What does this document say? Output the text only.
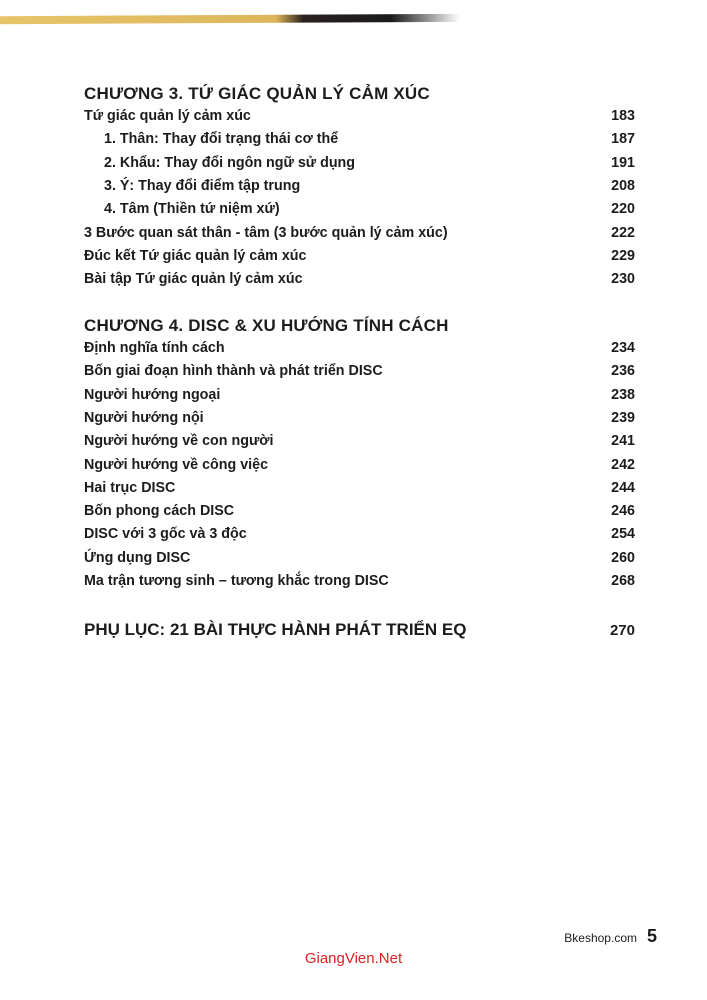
CHƯƠNG 3. TỨ GIÁC QUẢN LÝ CẢM XÚC
Tứ giác quản lý cảm xúc	183
1. Thân: Thay đổi trạng thái cơ thể	187
2. Khẩu: Thay đổi ngôn ngữ sử dụng	191
3. Ý: Thay đổi điểm tập trung	208
4. Tâm (Thiền tứ niệm xứ)	220
3 Bước quan sát thân - tâm (3 bước quản lý cảm xúc)	222
Đúc kết Tứ giác quản lý cảm xúc	229
Bài tập Tứ giác quản lý cảm xúc	230
CHƯƠNG 4. DISC & XU HƯỚNG TÍNH CÁCH
Định nghĩa tính cách	234
Bốn giai đoạn hình thành và phát triển DISC	236
Người hướng ngoại	238
Người hướng nội	239
Người hướng về con người	241
Người hướng về công việc	242
Hai trục DISC	244
Bốn phong cách DISC	246
DISC với 3 gốc và 3 độc	254
Ứng dụng DISC	260
Ma trận tương sinh – tương khắc trong DISC	268
PHỤ LỤC: 21 BÀI THỰC HÀNH PHÁT TRIỂN EQ	270
Bkeshop.com 5
GiangVien.Net
